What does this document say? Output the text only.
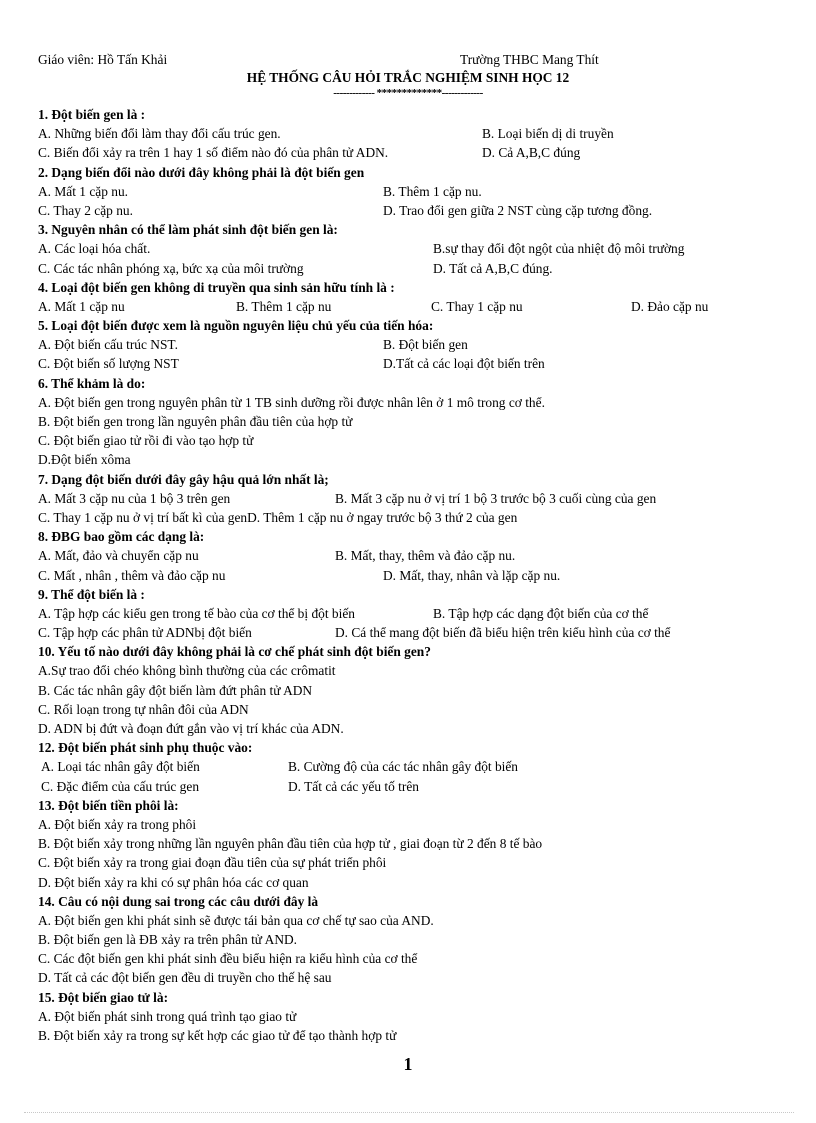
Giáo viên: Hồ Tấn Khải	Trường THBC Mang Thít
HỆ THỐNG CÂU HỎI TRẮC NGHIỆM SINH HỌC 12
------------- *************-------------
1. Đột biến gen là :
A. Những biến đổi làm thay đổi cấu trúc gen.	B. Loại biến dị di truyền
C. Biến đổi xảy ra trên 1 hay 1 số điểm nào đó của phân tử ADN.	D. Cả A,B,C đúng
2. Dạng biến đổi nào dưới đây không phải là đột biến gen
A. Mất 1 cặp nu.	B. Thêm 1 cặp nu.
C. Thay 2 cặp nu.	D. Trao đổi gen giữa 2 NST cùng cặp tương đồng.
3. Nguyên nhân có thể làm phát sinh đột biến gen là:
A. Các loại hóa chất.	B.sự thay đổi đột ngột của nhiệt độ môi trường
C. Các tác nhân phóng xạ, bức xạ của môi trường	D. Tất cả A,B,C đúng.
4. Loại đột biến gen không di truyền qua sinh sản hữu tính là :
A. Mất 1 cặp nu	B. Thêm 1 cặp nu	C. Thay 1 cặp nu	D. Đảo cặp nu
5. Loại đột biến được xem là nguồn nguyên liệu chủ yếu của tiến hóa:
A. Đột biến cấu trúc NST.	B. Đột biến gen
C. Đột biến số lượng NST	D.Tất cả các loại đột biến trên
6. Thể khảm là do:
A. Đột biến gen trong nguyên phân từ 1 TB sinh dưỡng rồi được nhân lên ở 1 mô trong cơ thể.
B. Đột biến gen trong lần nguyên phân đầu tiên của hợp tử
C. Đột biến giao tử rồi đi vào tạo hợp tử
D.Đột biến xôma
7. Dạng đột biến dưới đây gây hậu quả lớn nhất là;
A. Mất 3 cặp nu của 1 bộ 3 trên gen	B. Mất 3 cặp nu ở vị trí 1 bộ 3 trước bộ 3 cuối cùng của gen
C. Thay 1 cặp nu ở vị trí bất kì của genD. Thêm 1 cặp nu ở ngay trước bộ 3 thứ 2 của gen
8. ĐBG bao gồm các dạng là:
A. Mất, đảo và chuyển cặp nu	B. Mất, thay, thêm và đảo cặp nu.
C. Mất , nhân , thêm và đảo cặp nu	D. Mất, thay, nhân và lặp cặp nu.
9. Thể đột biến là :
A. Tập hợp các kiểu gen trong tế bào của cơ thể bị đột biến	B. Tập hợp các dạng đột biến của cơ thể
C. Tập hợp các phân tử ADNbị đột biến	D. Cá thể mang đột biến đã biểu hiện trên kiểu hình của cơ thể
10. Yếu tố nào dưới đây không phải là cơ chế phát sinh đột biến gen?
A.Sự trao đổi chéo không bình thường của các crômatit
B. Các tác nhân gây đột biến làm đứt phân tử ADN
C. Rối loạn trong tự nhân đôi của ADN
D. ADN bị đứt và đoạn đứt gắn vào vị trí khác của ADN.
12. Đột biến phát sinh phụ thuộc vào:
A. Loại tác nhân gây đột biến	B. Cường độ của các tác nhân gây đột biến
C. Đặc điểm của cấu trúc gen	D. Tất cả các yếu tố trên
13. Đột biến tiền phôi là:
A. Đột biến xảy ra trong phôi
B. Đột biến xảy trong những lần nguyên phân đầu tiên của hợp tử , giai đoạn từ 2 đến 8 tế bào
C. Đột biến xảy ra trong giai đoạn đầu tiên của sự phát triển phôi
D. Đột biến xảy ra khi có sự phân hóa các cơ quan
14. Câu có nội dung sai trong các câu dưới đây là
A. Đột biến gen khi phát sinh sẽ được tái bản qua cơ chế tự sao của AND.
B. Đột biến gen là ĐB xảy ra trên phân tử AND.
C. Các đột biến gen khi phát sinh đều biểu hiện ra kiểu hình của cơ thể
D. Tất cả các đột biến gen đều di truyền cho thế hệ sau
15. Đột biến giao tử là:
A. Đột biến phát sinh trong quá trình tạo giao tử
B. Đột biến xảy ra trong sự kết hợp các giao tử để tạo thành hợp tử
1
